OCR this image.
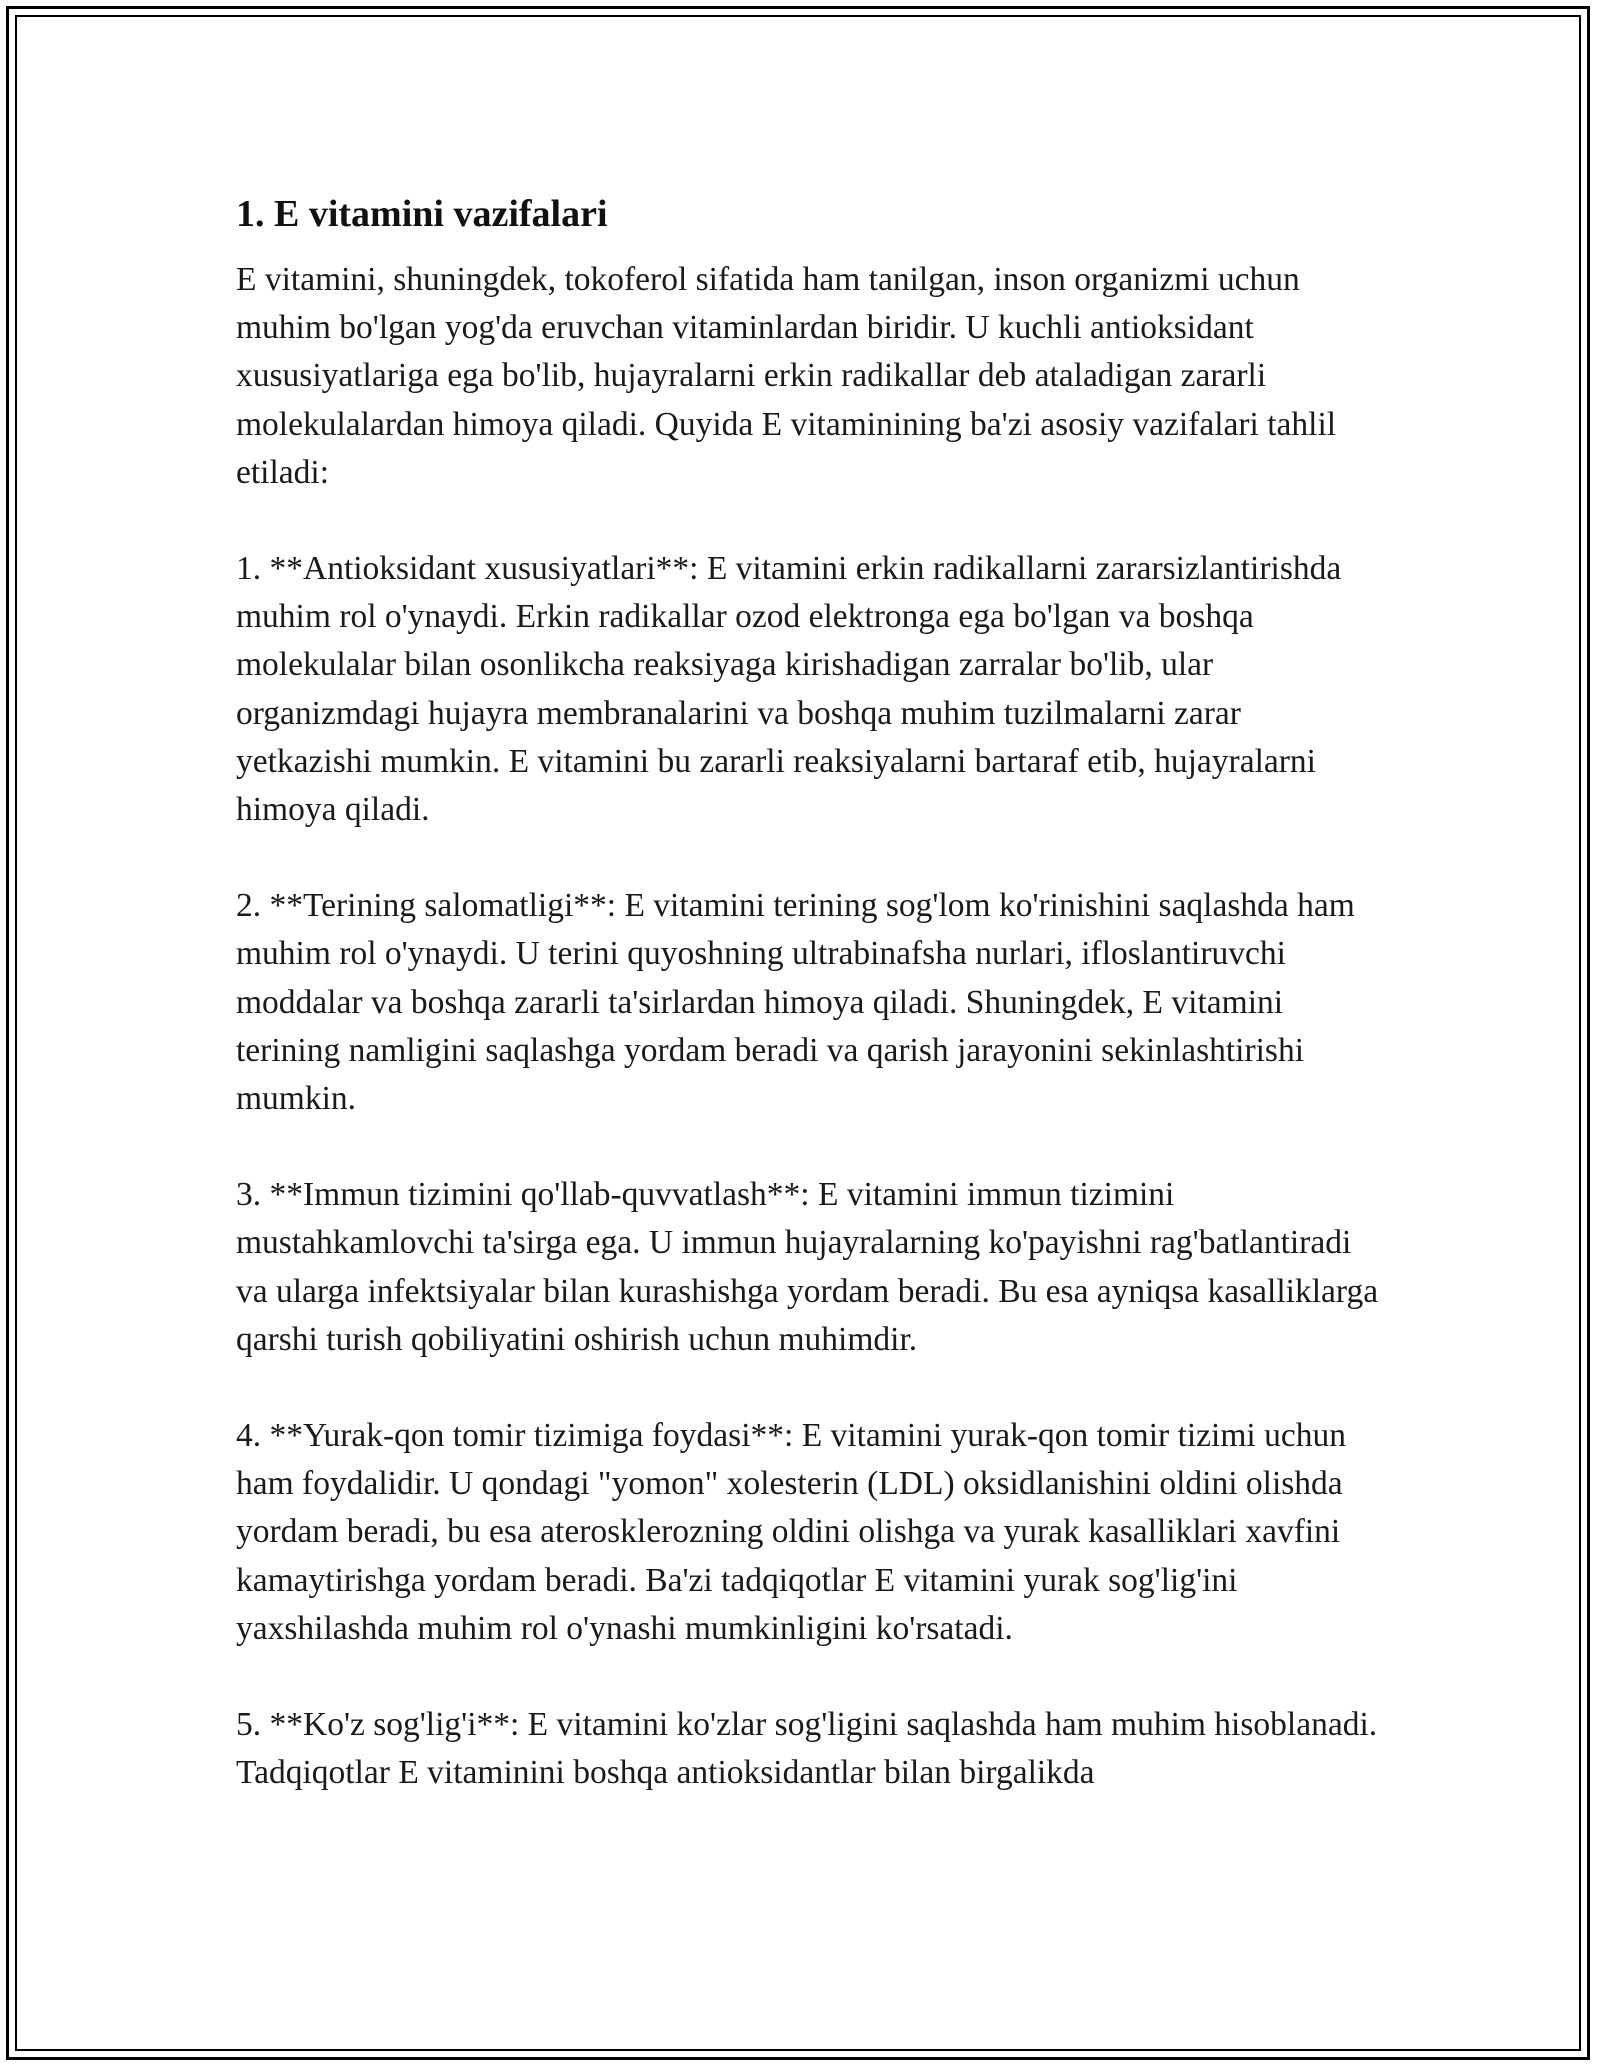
1. E vitamini vazifalari

E vitamini, shuningdek, tokoferol sifatida ham tanilgan, inson organizmi uchun muhim bo'lgan yog'da eruvchan vitaminlardan biridir. U kuchli antioksidant xususiyatlariga ega bo'lib, hujayralarni erkin radikallar deb ataladigan zararli molekulalardan himoya qiladi. Quyida E vitaminining ba'zi asosiy vazifalari tahlil etiladi:

1. **Antioksidant xususiyatlari**: E vitamini erkin radikallarni zararsizlantirishda muhim rol o'ynaydi. Erkin radikallar ozod elektronga ega bo'lgan va boshqa molekulalar bilan osonlikcha reaksiyaga kirishadigan zarralar bo'lib, ular organizmdagi hujayra membranalarini va boshqa muhim tuzilmalarni zarar yetkazishi mumkin. E vitamini bu zararli reaksiyalarni bartaraf etib, hujayralarni himoya qiladi.

2. **Terining salomatligi**: E vitamini terining sog'lom ko'rinishini saqlashda ham muhim rol o'ynaydi. U terini quyoshning ultrabinafsha nurlari, ifloslantiruvchi moddalar va boshqa zararli ta'sirlardan himoya qiladi. Shuningdek, E vitamini terining namligini saqlashga yordam beradi va qarish jarayonini sekinlashtirishi mumkin.

3. **Immun tizimini qo'llab-quvvatlash**: E vitamini immun tizimini mustahkamlovchi ta'sirga ega. U immun hujayralarning ko'payishni rag'batlantiradi va ularga infektsiyalar bilan kurashishga yordam beradi. Bu esa ayniqsa kasalliklarga qarshi turish qobiliyatini oshirish uchun muhimdir.

4. **Yurak-qon tomir tizimiga foydasi**: E vitamini yurak-qon tomir tizimi uchun ham foydalidir. U qondagi "yomon" xolesterin (LDL) oksidlanishini oldini olishda yordam beradi, bu esa aterosklerozning oldini olishga va yurak kasalliklari xavfini kamaytirishga yordam beradi. Ba'zi tadqiqotlar E vitamini yurak sog'lig'ini yaxshilashda muhim rol o'ynashi mumkinligini ko'rsatadi.

5. **Ko'z sog'lig'i**: E vitamini ko'zlar sog'ligini saqlashda ham muhim hisoblanadi. Tadqiqotlar E vitaminini boshqa antioksidantlar bilan birgalikda
